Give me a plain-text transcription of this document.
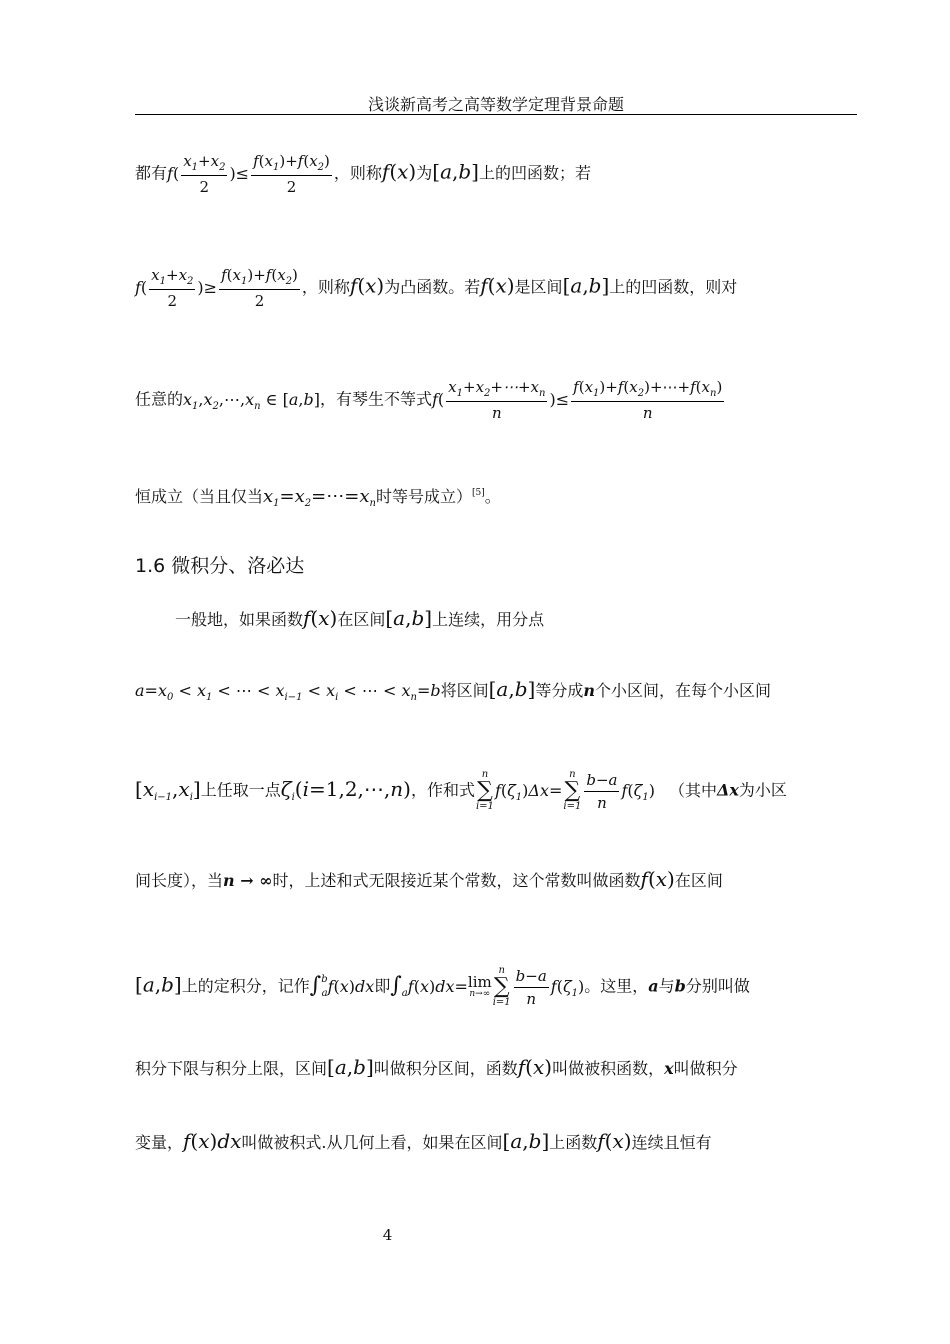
浅谈新高考之高等数学定理背景命题
都有$f( \frac{x_1+x_2}{2}$ )≤ $\frac{f(x_1)+f(x_2)}{2}$ ，则称f(x)为[a,b]上的凹函数；若
$f( \frac{x_1+x_2}{2}$ )≥ $\frac{f(x_1)+f(x_2)}{2}$ ，则称f(x)为凸函数。若f(x)是区间[a,b]上的凹函数，则对
任意的$x_1,x_2,\cdots,x_n$ ∈ [a,b]，有琴生不等式$f( \frac{x_1+x_2+\cdots+x_n}{n}$ )≤ $\frac{f(x_1)+f(x_2)+\cdots+f(x_n)}{n}$
恒成立（当且仅当$x_1=x_2=\cdots=x_n$时等号成立）[5]。
1.6 微积分、洛必达
一般地，如果函数f(x)在区间[a,b]上连续，用分点
$a=x_0 < x_1$ < ⋯ < $x_{i-1} < x_i$ < ⋯ < $x_n=b$将区间[a,b]等分成n个小区间，在每个小区间
$[x_{i-1},x_i]$上任取一点$\zeta_i(i=1,2,\cdots,n)$，作和式
n
∑
i=1
$f(\zeta_1)\Delta x=$
n
∑
$i=1 \frac{b-a}{n} f(\zeta_1)$ （其中Δx为小区
间长度），当n → ∞时，上述和式无限接近某个常数，这个常数叫做函数f(x)在区间
[a,b]上的定积分，记作∫$^b_a$f(x)dx即$\int_af(x)dx= \lim$
n→∞
n
∑
$i=1 \frac{b-a}{n} f(\zeta_1)$。这里，a与b分别叫做
积分下限与积分上限，区间[a,b]叫做积分区间，函数f(x)叫做被积函数，x叫做积分
变量，f(x)dx叫做被积式.从几何上看，如果在区间[a,b]上函数f(x)连续且恒有
4
